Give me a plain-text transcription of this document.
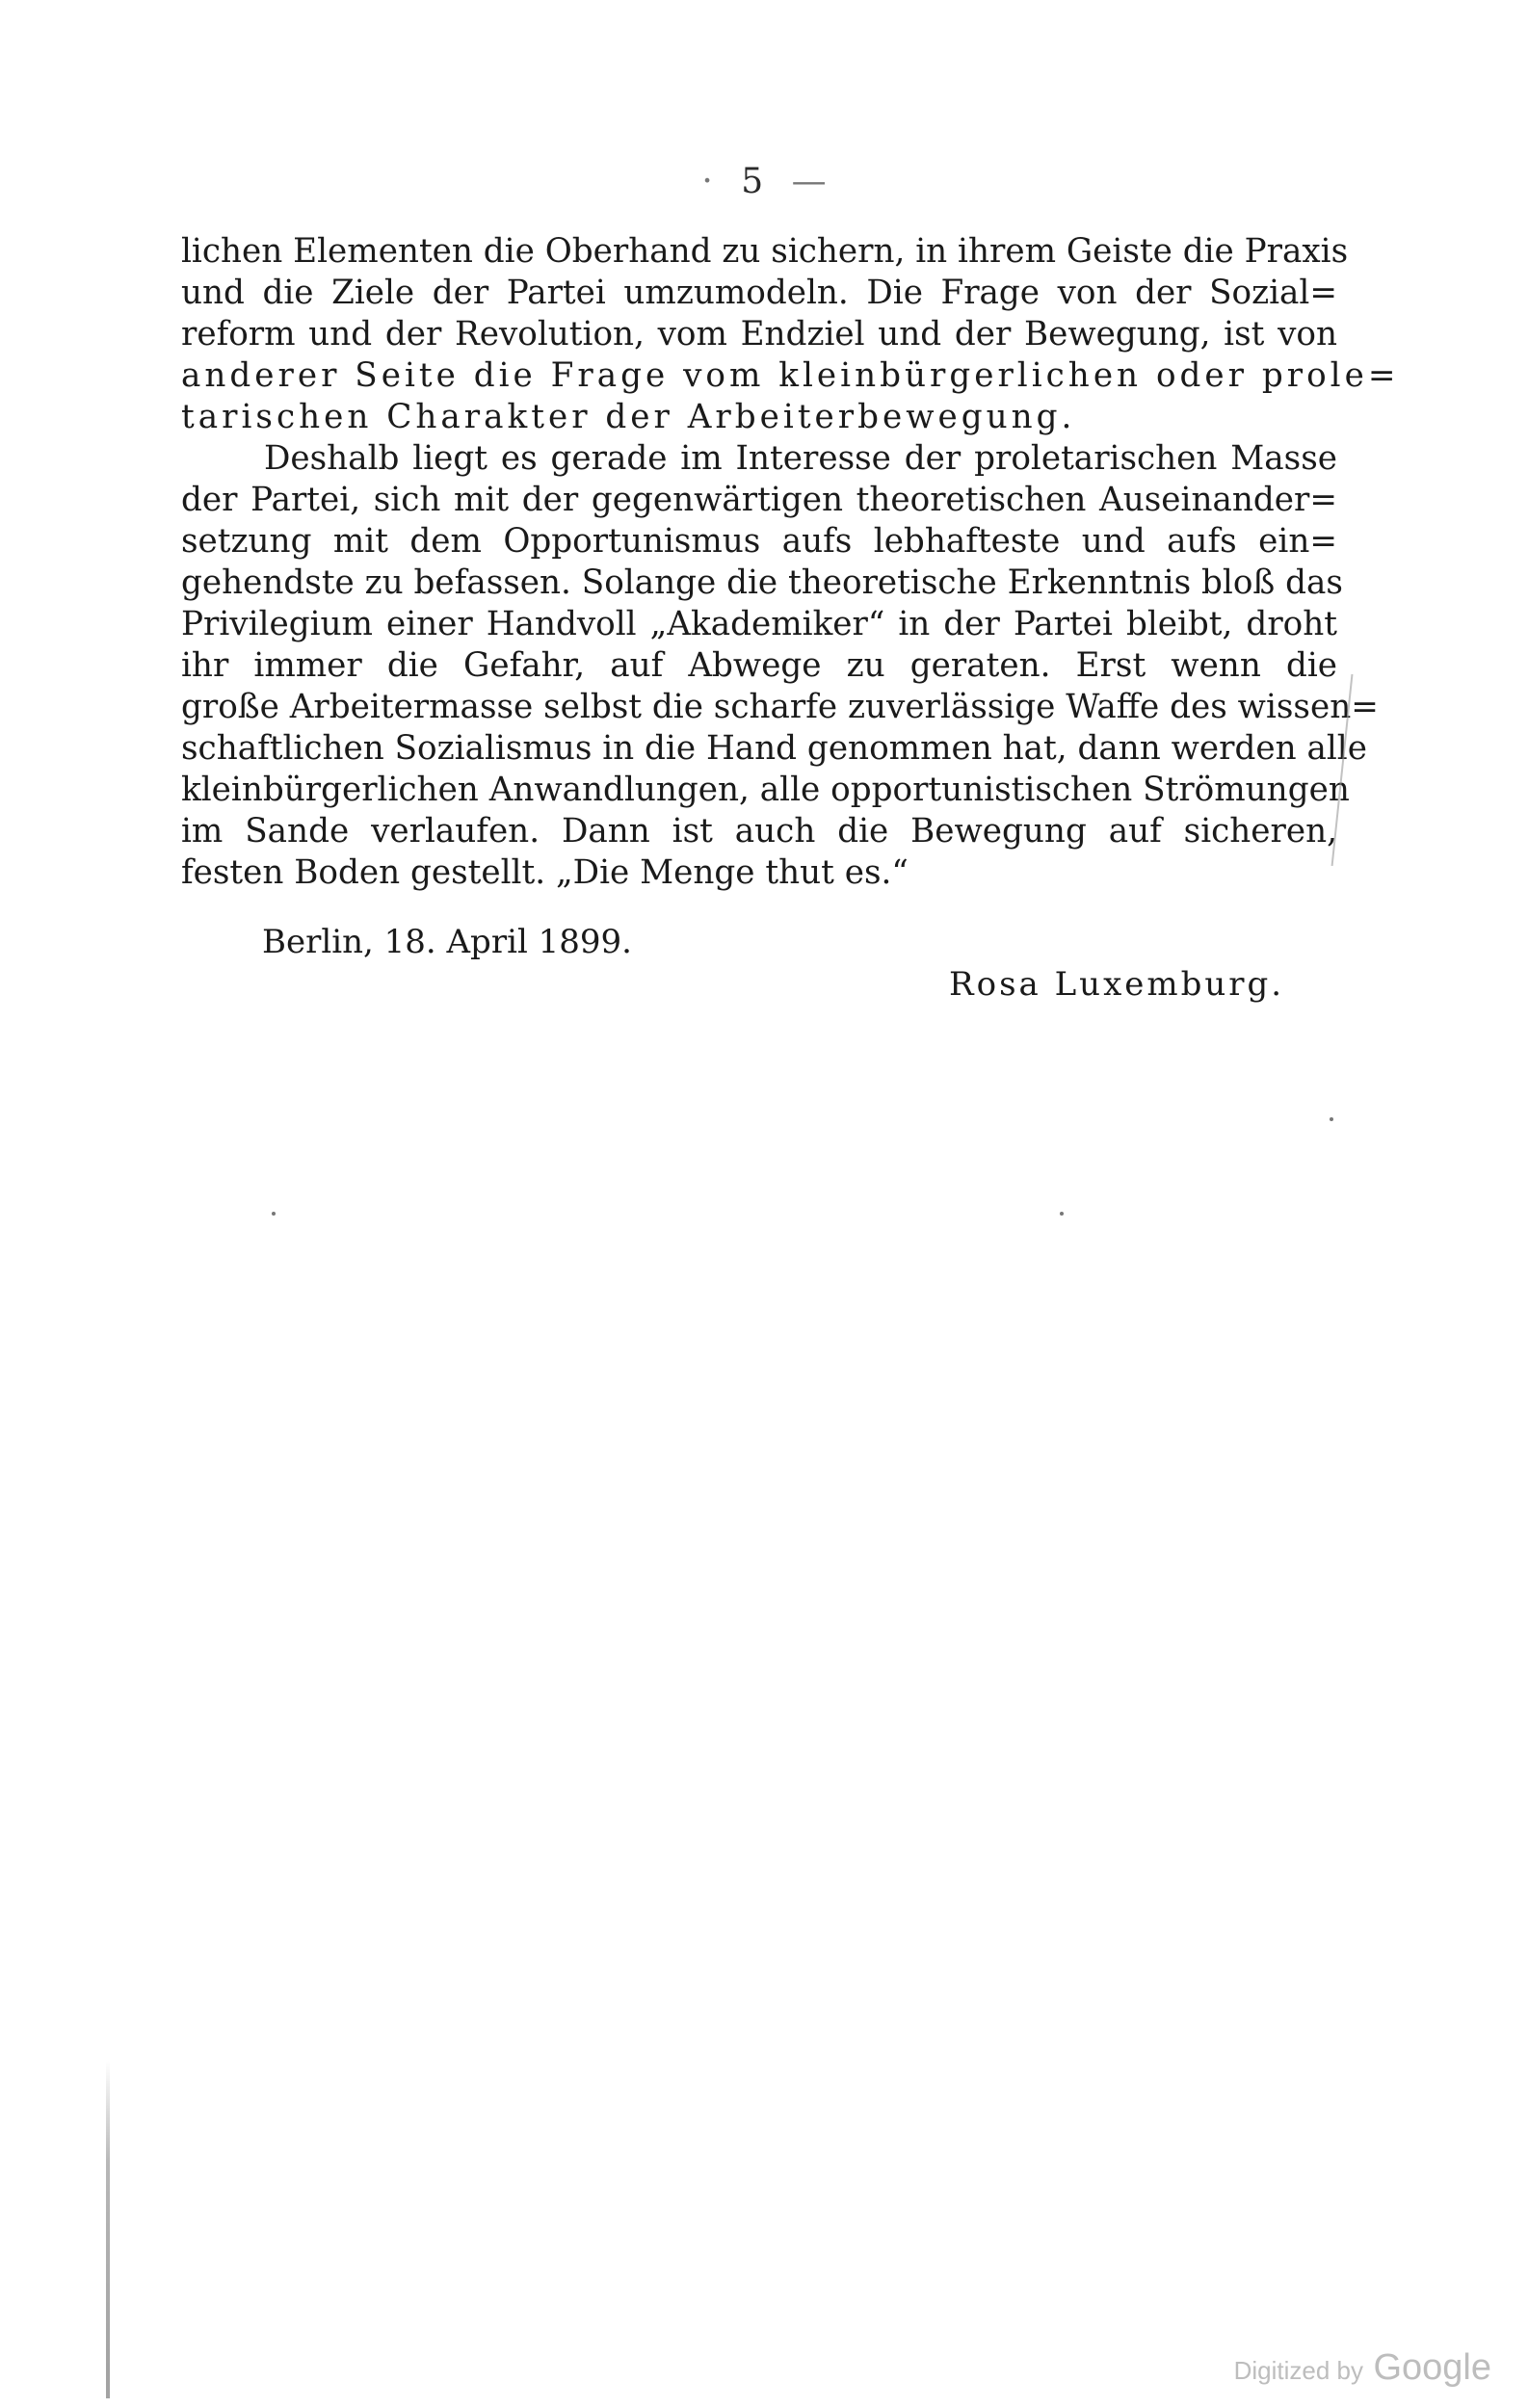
· 5 —
lichen Elementen die Oberhand zu sichern, in ihrem Geiste die Praxis
und die Ziele der Partei umzumodeln. Die Frage von der Sozial=
reform und der Revolution, vom Endziel und der Bewegung, ist von
anderer Seite die Frage vom kleinbürgerlichen oder prole=
tarischen Charakter der Arbeiterbewegung.
Deshalb liegt es gerade im Interesse der proletarischen Masse
der Partei, sich mit der gegenwärtigen theoretischen Auseinander=
setzung mit dem Opportunismus aufs lebhafteste und aufs ein=
gehendste zu befassen. Solange die theoretische Erkenntnis bloß das
Privilegium einer Handvoll „Akademiker“ in der Partei bleibt, droht
ihr immer die Gefahr, auf Abwege zu geraten. Erst wenn die
große Arbeitermasse selbst die scharfe zuverlässige Waffe des wissen=
schaftlichen Sozialismus in die Hand genommen hat, dann werden alle
kleinbürgerlichen Anwandlungen, alle opportunistischen Strömungen
im Sande verlaufen. Dann ist auch die Bewegung auf sicheren,
festen Boden gestellt. „Die Menge thut es.“
Berlin, 18. April 1899.
Rosa Luxemburg.
Digitized by Google
